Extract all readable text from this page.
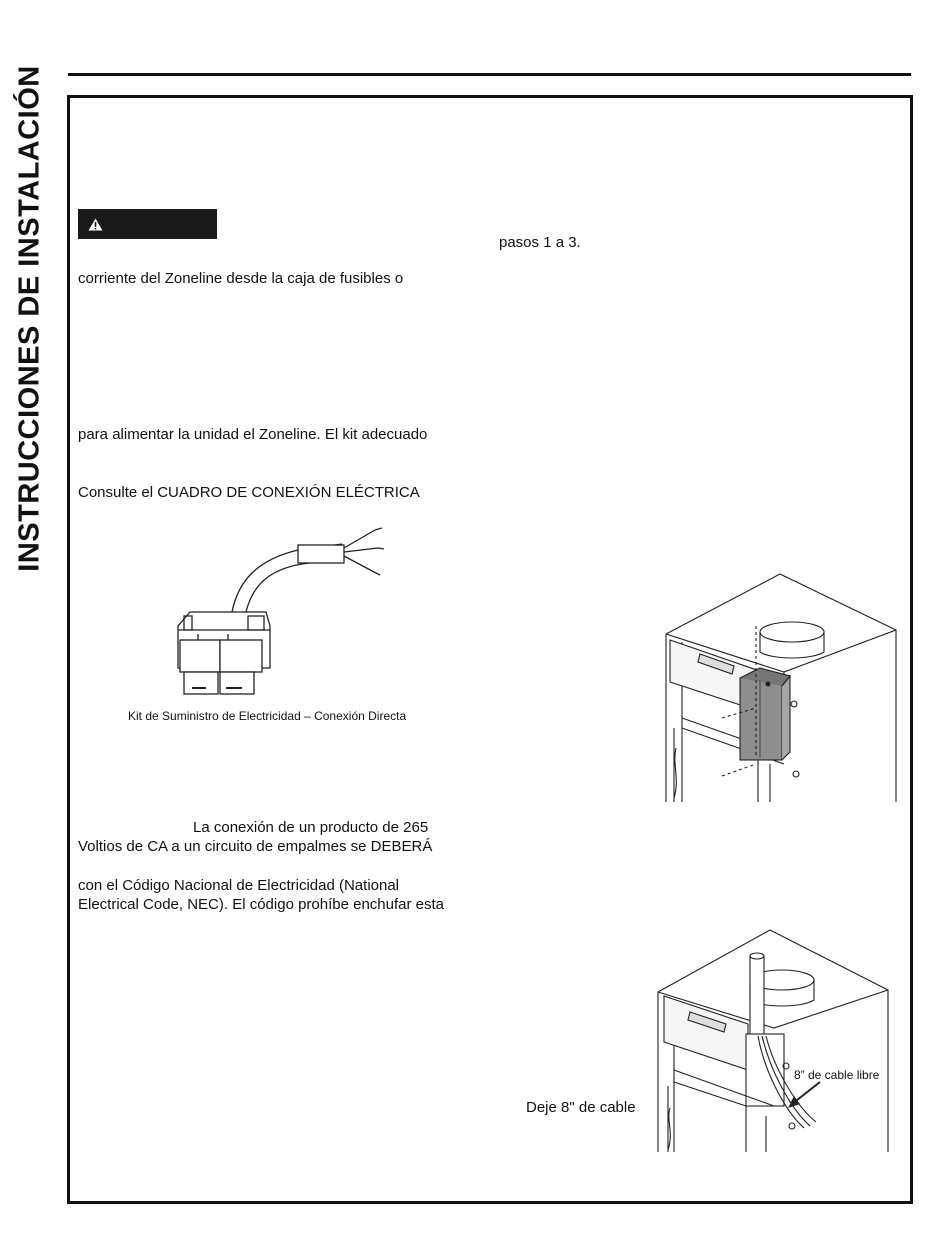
INSTRUCCIONES DE INSTALACIÓN	pasos 1 a 3.
corriente del Zoneline desde la caja de fusibles o
para alimentar la unidad el Zoneline. El kit adecuado
Consulte el CUADRO DE CONEXIÓN ELÉCTRICA
Kit de Suministro de Electricidad – Conexión Directa
La conexión de un producto de 265
Voltios de CA a un circuito de empalmes se DEBERÁ
con el Código Nacional de Electricidad (National
Electrical Code, NEC). El código prohíbe enchufar esta
8” de cable libre
Deje 8" de cable
